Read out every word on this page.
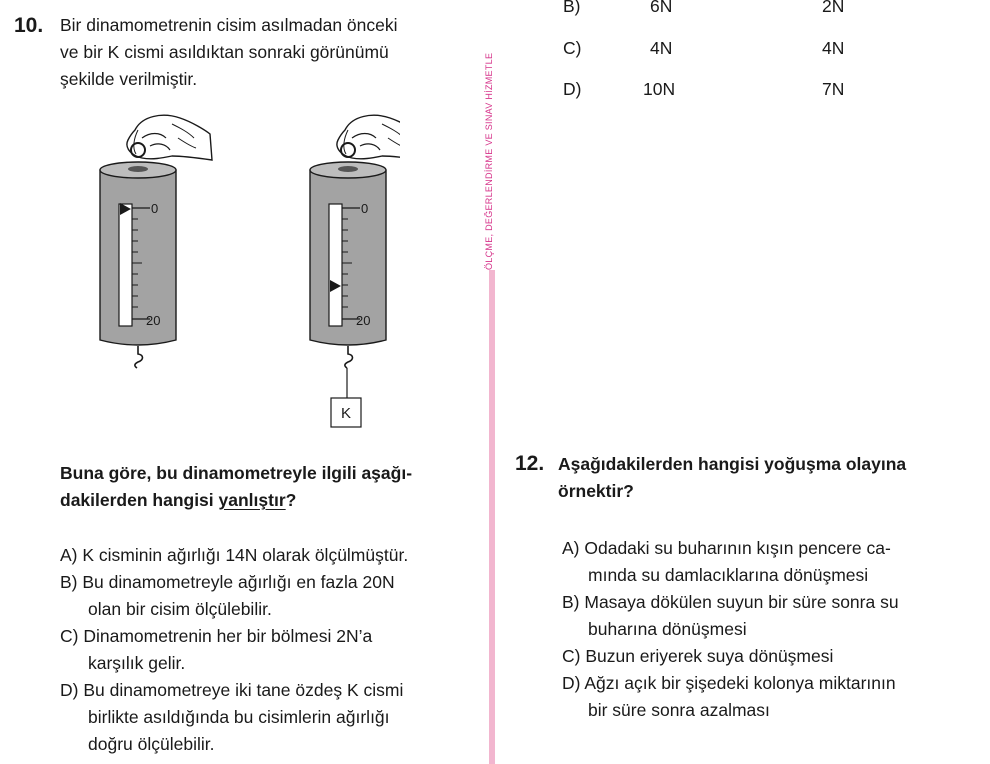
ÖLÇME, DEĞERLENDİRME VE SINAV HİZMETLE
10. Bir dinamometrenin cisim asılmadan önceki
ve bir K cismi asıldıktan sonraki görünümü
şekilde verilmiştir.
0
20
0
20
K
Buna göre, bu dinamometreyle ilgili aşağı-
dakilerden hangisi yanlıştır?
A) K cisminin ağırlığı 14N olarak ölçülmüştür.
B) Bu dinamometreyle ağırlığı en fazla 20N
olan bir cisim ölçülebilir.
C) Dinamometrenin her bir bölmesi 2N’a
karşılık gelir.
D) Bu dinamometreye iki tane özdeş K cismi
birlikte asıldığında bu cisimlerin ağırlığı
doğru ölçülebilir.
B)	6N	2N
C)	4N	4N
D)	10N	7N
12. Aşağıdakilerden hangisi yoğuşma olayına
örnektir?
A) Odadaki su buharının kışın pencere ca-
mında su damlacıklarına dönüşmesi
B) Masaya dökülen suyun bir süre sonra su
buharına dönüşmesi
C) Buzun eriyerek suya dönüşmesi
D) Ağzı açık bir şişedeki kolonya miktarının
bir süre sonra azalması
